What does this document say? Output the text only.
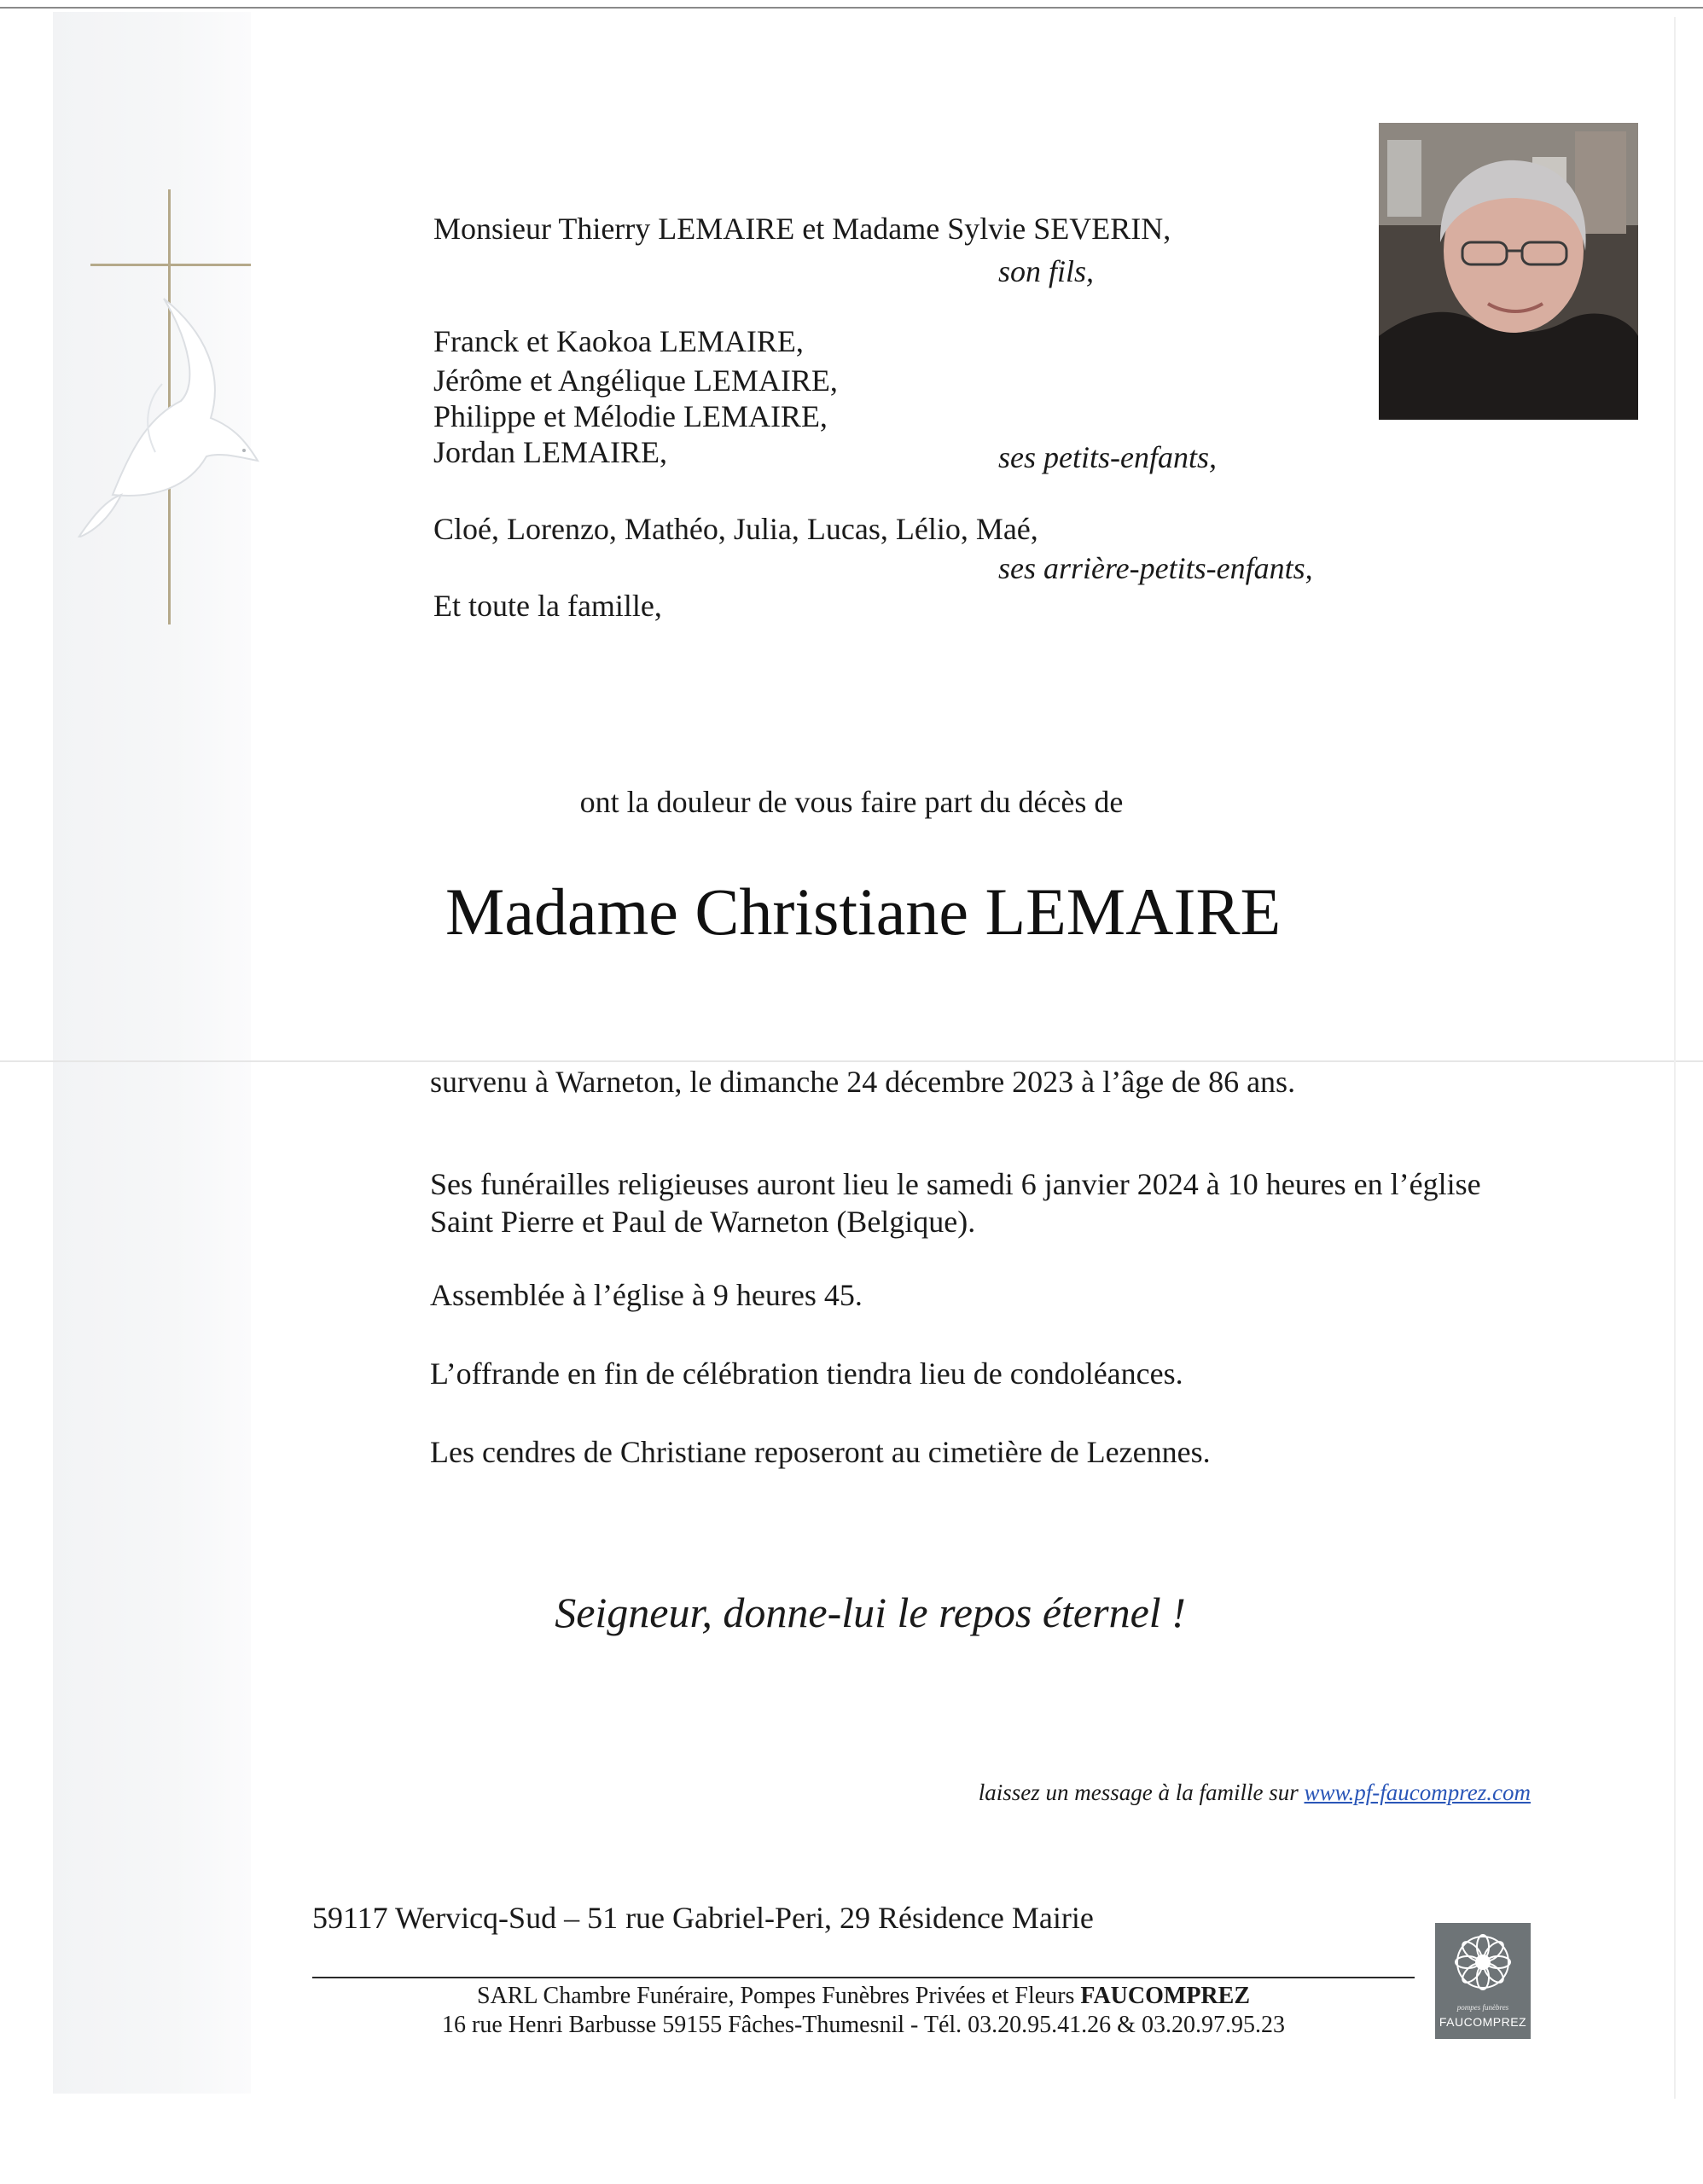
Monsieur Thierry LEMAIRE et Madame Sylvie SEVERIN,
son fils,
Franck et Kaokoa LEMAIRE,
Jérôme et Angélique LEMAIRE,
Philippe et Mélodie LEMAIRE,
Jordan LEMAIRE,	ses petits-enfants,
Cloé, Lorenzo, Mathéo, Julia, Lucas, Lélio, Maé,
ses arrière-petits-enfants,
Et toute la famille,
ont la douleur de vous faire part du décès de
Madame Christiane LEMAIRE
survenu à Warneton, le dimanche 24 décembre 2023 à l’âge de 86 ans.
Ses funérailles religieuses auront lieu le samedi 6 janvier 2024 à 10 heures en l’église
Saint Pierre et Paul de Warneton (Belgique).
Assemblée à l’église à 9 heures 45.
L’offrande en fin de célébration tiendra lieu de condoléances.
Les cendres de Christiane reposeront au cimetière de Lezennes.
Seigneur, donne-lui le repos éternel !
laissez un message à la famille sur www.pf-faucomprez.com
59117 Wervicq-Sud – 51 rue Gabriel-Peri, 29 Résidence Mairie
SARL Chambre Funéraire, Pompes Funèbres Privées et Fleurs FAUCOMPREZ
16 rue Henri Barbusse 59155 Fâches-Thumesnil - Tél. 03.20.95.41.26 & 03.20.97.95.23
pompes funèbres
FAUCOMPREZ
